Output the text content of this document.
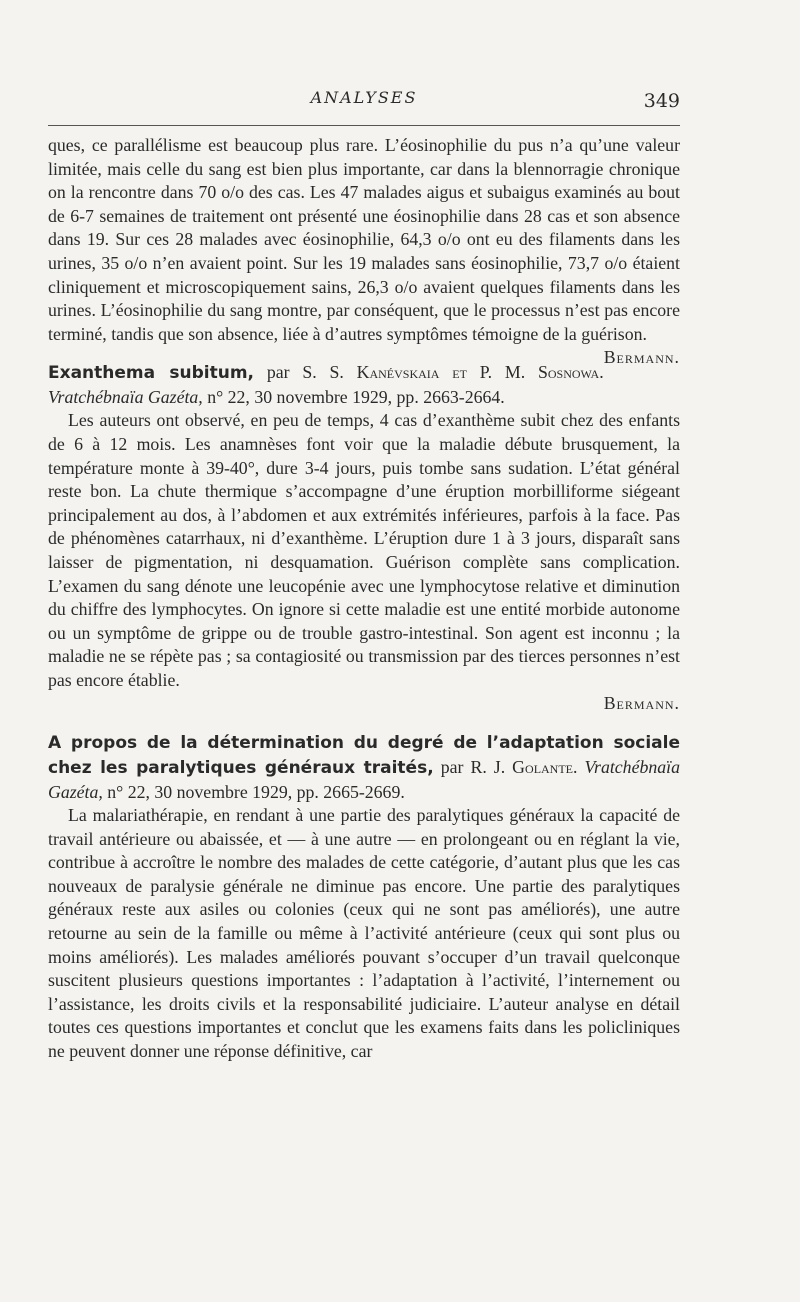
ANALYSES	349

ques, ce parallélisme est beaucoup plus rare. L’éosinophilie du pus n’a qu’une valeur limitée, mais celle du sang est bien plus importante, car dans la blennorragie chronique on la rencontre dans 70 o/o des cas. Les 47 malades aigus et subaigus examinés au bout de 6-7 semaines de traitement ont présenté une éosinophilie dans 28 cas et son absence dans 19. Sur ces 28 malades avec éosinophilie, 64,3 o/o ont eu des filaments dans les urines, 35 o/o n’en avaient point. Sur les 19 malades sans éosinophilie, 73,7 o/o étaient cliniquement et microscopiquement sains, 26,3 o/o avaient quelques filaments dans les urines. L’éosinophilie du sang montre, par conséquent, que le processus n’est pas encore terminé, tandis que son absence, liée à d’autres symptômes témoigne de la guérison.
Bermann.

Exanthema subitum, par S. S. Kanévskaia et P. M. Sosnowa. Vratchébnaïa Gazéta, n° 22, 30 novembre 1929, pp. 2663-2664.

Les auteurs ont observé, en peu de temps, 4 cas d’exanthème subit chez des enfants de 6 à 12 mois. Les anamnèses font voir que la maladie débute brusquement, la température monte à 39-40°, dure 3-4 jours, puis tombe sans sudation. L’état général reste bon. La chute thermique s’accompagne d’une éruption morbilliforme siégeant principalement au dos, à l’abdomen et aux extrémités inférieures, parfois à la face. Pas de phénomènes catarrhaux, ni d’exanthème. L’éruption dure 1 à 3 jours, disparaît sans laisser de pigmentation, ni desquamation. Guérison complète sans complication. L’examen du sang dénote une leucopénie avec une lymphocytose relative et diminution du chiffre des lymphocytes. On ignore si cette maladie est une entité morbide autonome ou un symptôme de grippe ou de trouble gastro-intestinal. Son agent est inconnu ; la maladie ne se répète pas ; sa contagiosité ou transmission par des tierces personnes n’est pas encore établie.

Bermann.

A propos de la détermination du degré de l’adaptation sociale chez les paralytiques généraux traités, par R. J. Golante. Vratchébnaïa Gazéta, n° 22, 30 novembre 1929, pp. 2665-2669.

La malariathérapie, en rendant à une partie des paralytiques généraux la capacité de travail antérieure ou abaissée, et — à une autre — en prolongeant ou en réglant la vie, contribue à accroître le nombre des malades de cette catégorie, d’autant plus que les cas nouveaux de paralysie générale ne diminue pas encore. Une partie des paralytiques généraux reste aux asiles ou colonies (ceux qui ne sont pas améliorés), une autre retourne au sein de la famille ou même à l’activité antérieure (ceux qui sont plus ou moins améliorés). Les malades améliorés pouvant s’occuper d’un travail quelconque suscitent plusieurs questions importantes : l’adaptation à l’activité, l’internement ou l’assistance, les droits civils et la responsabilité judiciaire. L’auteur analyse en détail toutes ces questions importantes et conclut que les examens faits dans les policliniques ne peuvent donner une réponse définitive, car
